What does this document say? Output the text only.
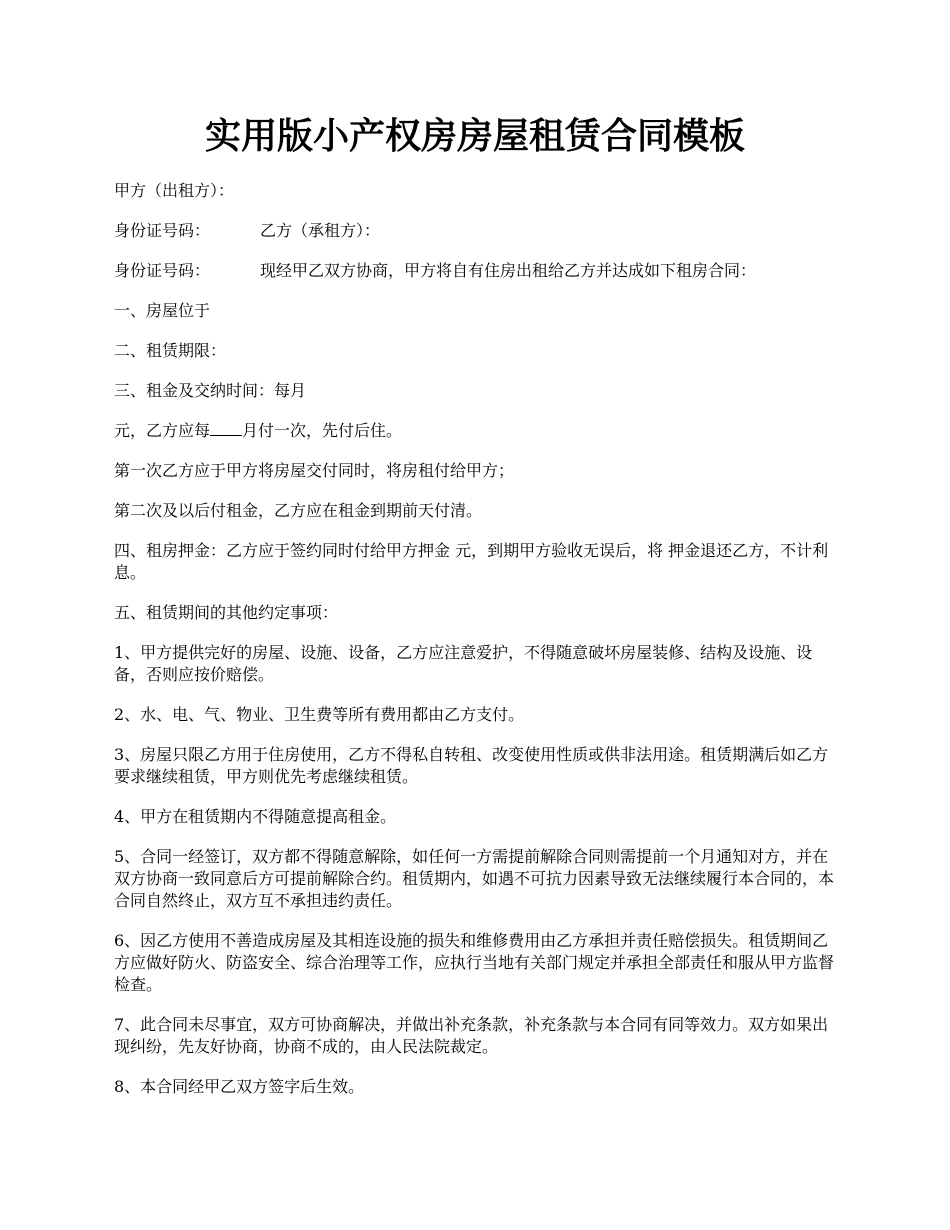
实用版小产权房房屋租赁合同模板

甲方（出租方）：

身份证号码：	乙方（承租方）：

身份证号码：	现经甲乙双方协商，甲方将自有住房出租给乙方并达成如下租房合同：

一、房屋位于

二、租赁期限：

三、租金及交纳时间：每月

元，乙方应每 月付一次，先付后住。

第一次乙方应于甲方将房屋交付同时，将房租付给甲方；

第二次及以后付租金，乙方应在租金到期前天付清。

四、租房押金：乙方应于签约同时付给甲方押金 元，到期甲方验收无误后，将 押金退还乙方，不计利息。

五、租赁期间的其他约定事项：

1、甲方提供完好的房屋、设施、设备，乙方应注意爱护，不得随意破坏房屋装修、结构及设施、设备，否则应按价赔偿。

2、水、电、气、物业、卫生费等所有费用都由乙方支付。

3、房屋只限乙方用于住房使用，乙方不得私自转租、改变使用性质或供非法用途。租赁期满后如乙方要求继续租赁，甲方则优先考虑继续租赁。

4、甲方在租赁期内不得随意提高租金。

5、合同一经签订，双方都不得随意解除，如任何一方需提前解除合同则需提前一个月通知对方，并在双方协商一致同意后方可提前解除合约。租赁期内，如遇不可抗力因素导致无法继续履行本合同的，本合同自然终止，双方互不承担违约责任。

6、因乙方使用不善造成房屋及其相连设施的损失和维修费用由乙方承担并责任赔偿损失。租赁期间乙方应做好防火、防盗安全、综合治理等工作，应执行当地有关部门规定并承担全部责任和服从甲方监督检查。

7、此合同未尽事宜，双方可协商解决，并做出补充条款，补充条款与本合同有同等效力。双方如果出现纠纷，先友好协商，协商不成的，由人民法院裁定。

8、本合同经甲乙双方签字后生效。
